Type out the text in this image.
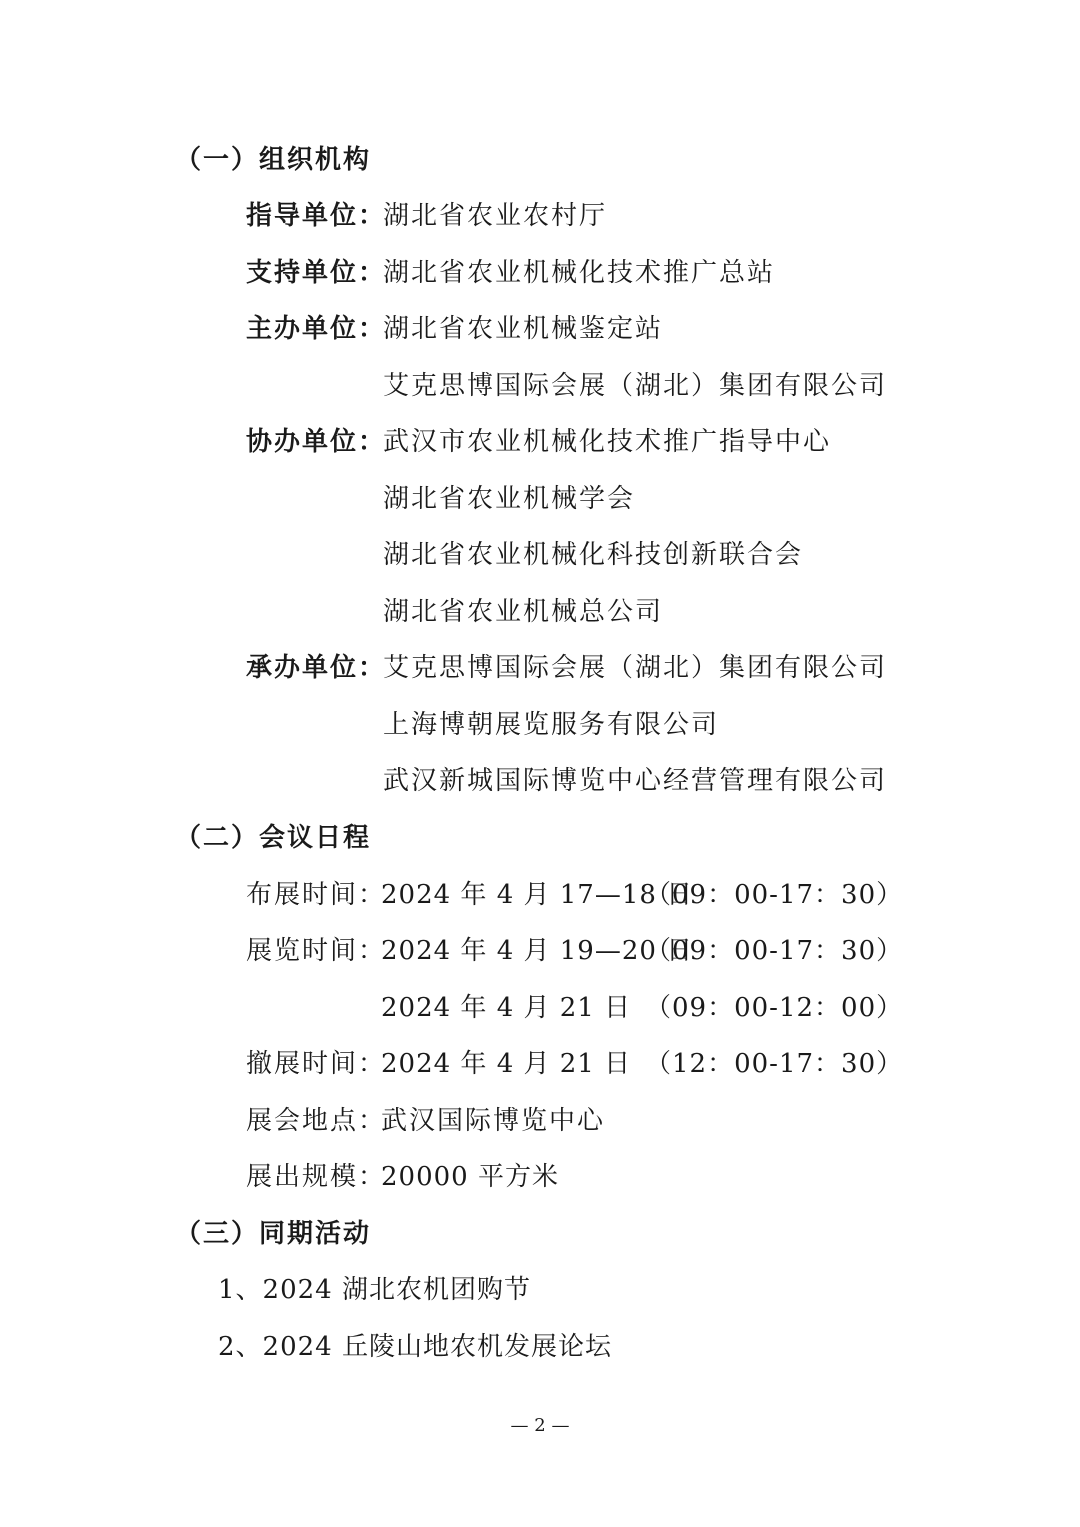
（一）组织机构
指导单位：
湖北省农业农村厅
支持单位：
湖北省农业机械化技术推广总站
主办单位：
湖北省农业机械鉴定站
艾克思博国际会展（湖北）集团有限公司
协办单位：
武汉市农业机械化技术推广指导中心
湖北省农业机械学会
湖北省农业机械化科技创新联合会
湖北省农业机械总公司
承办单位：
艾克思博国际会展（湖北）集团有限公司
上海博朝展览服务有限公司
武汉新城国际博览中心经营管理有限公司
（二）会议日程
布展时间：
2024 年 4 月 17—18 日
（09：00-17：30）
展览时间：
2024 年 4 月 19—20 日
（09：00-17：30）
2024 年 4 月 21 日 （09：00-12：00）
撤展时间：
2024 年 4 月 21 日 （12：00-17：30）
展会地点：
武汉国际博览中心
展出规模：
20000 平方米
（三）同期活动
1、2024 湖北农机团购节
2、2024 丘陵山地农机发展论坛
— 2 —
